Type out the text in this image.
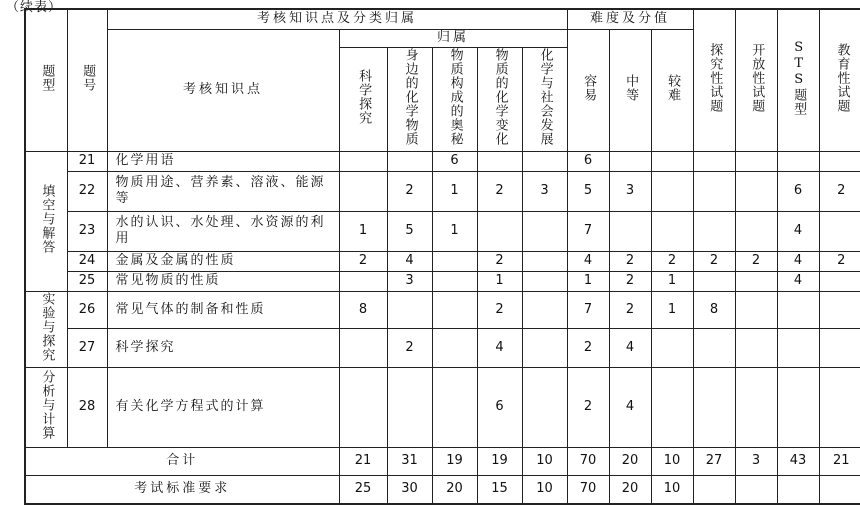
（续表）
题型	题号	考核知识点及分类归属						难度及分值			探究性试题	开放性试题	STS题型	教育性试题
		考核知识点	归属					容易	中等	较难				
			科学探究	身边的化学物质	物质构成的奥秘	物质的化学变化	化学与社会发展							
填空与解答	21	化学用语			6			6						
	22	物质用途、营养素、溶液、能源等		2	1	2	3	5	3				6	2
	23	水的认识、水处理、水资源的利用	1	5	1			7					4	
	24	金属及金属的性质	2	4		2		4	2	2	2	2	4	2
	25	常见物质的性质		3		1		1	2	1			4	
实验与探究	26	常见气体的制备和性质	8			2		7	2	1	8			
	27	科学探究		2		4		2	4					
分析与计算	28	有关化学方程式的计算				6		2	4					
合计			21	31	19	19	10	70	20	10	27	3	43	21
考试标准要求			25	30	20	15	10	70	20	10				
